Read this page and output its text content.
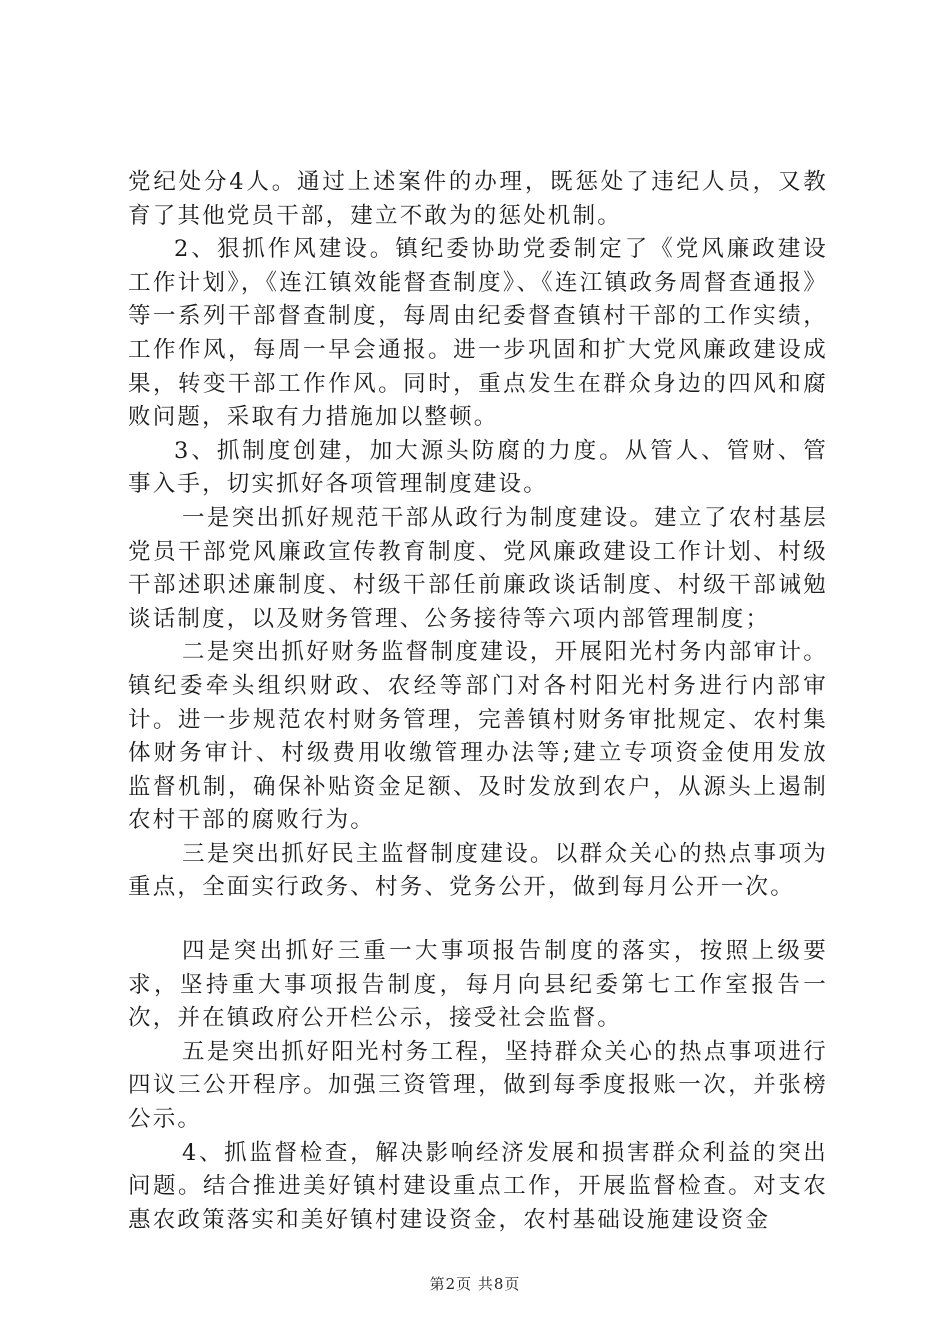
党纪处分4人。通过上述案件的办理，既惩处了违纪人员，又教育了其他党员干部，建立不敢为的惩处机制。

2、狠抓作风建设。镇纪委协助党委制定了《党风廉政建设工作计划》，《连江镇效能督查制度》、《连江镇政务周督查通报》等一系列干部督查制度，每周由纪委督查镇村干部的工作实绩，工作作风，每周一早会通报。进一步巩固和扩大党风廉政建设成果，转变干部工作作风。同时，重点发生在群众身边的四风和腐败问题，采取有力措施加以整顿。

3、抓制度创建，加大源头防腐的力度。从管人、管财、管事入手，切实抓好各项管理制度建设。

一是突出抓好规范干部从政行为制度建设。建立了农村基层党员干部党风廉政宣传教育制度、党风廉政建设工作计划、村级干部述职述廉制度、村级干部任前廉政谈话制度、村级干部诫勉谈话制度，以及财务管理、公务接待等六项内部管理制度；

二是突出抓好财务监督制度建设，开展阳光村务内部审计。镇纪委牵头组织财政、农经等部门对各村阳光村务进行内部审计。进一步规范农村财务管理，完善镇村财务审批规定、农村集体财务审计、村级费用收缴管理办法等;建立专项资金使用发放监督机制，确保补贴资金足额、及时发放到农户，从源头上遏制农村干部的腐败行为。

三是突出抓好民主监督制度建设。以群众关心的热点事项为重点，全面实行政务、村务、党务公开，做到每月公开一次。

四是突出抓好三重一大事项报告制度的落实，按照上级要求，坚持重大事项报告制度，每月向县纪委第七工作室报告一次，并在镇政府公开栏公示，接受社会监督。

五是突出抓好阳光村务工程，坚持群众关心的热点事项进行四议三公开程序。加强三资管理，做到每季度报账一次，并张榜公示。

4、抓监督检查，解决影响经济发展和损害群众利益的突出问题。结合推进美好镇村建设重点工作，开展监督检查。对支农惠农政策落实和美好镇村建设资金，农村基础设施建设资金

第2页 共8页
